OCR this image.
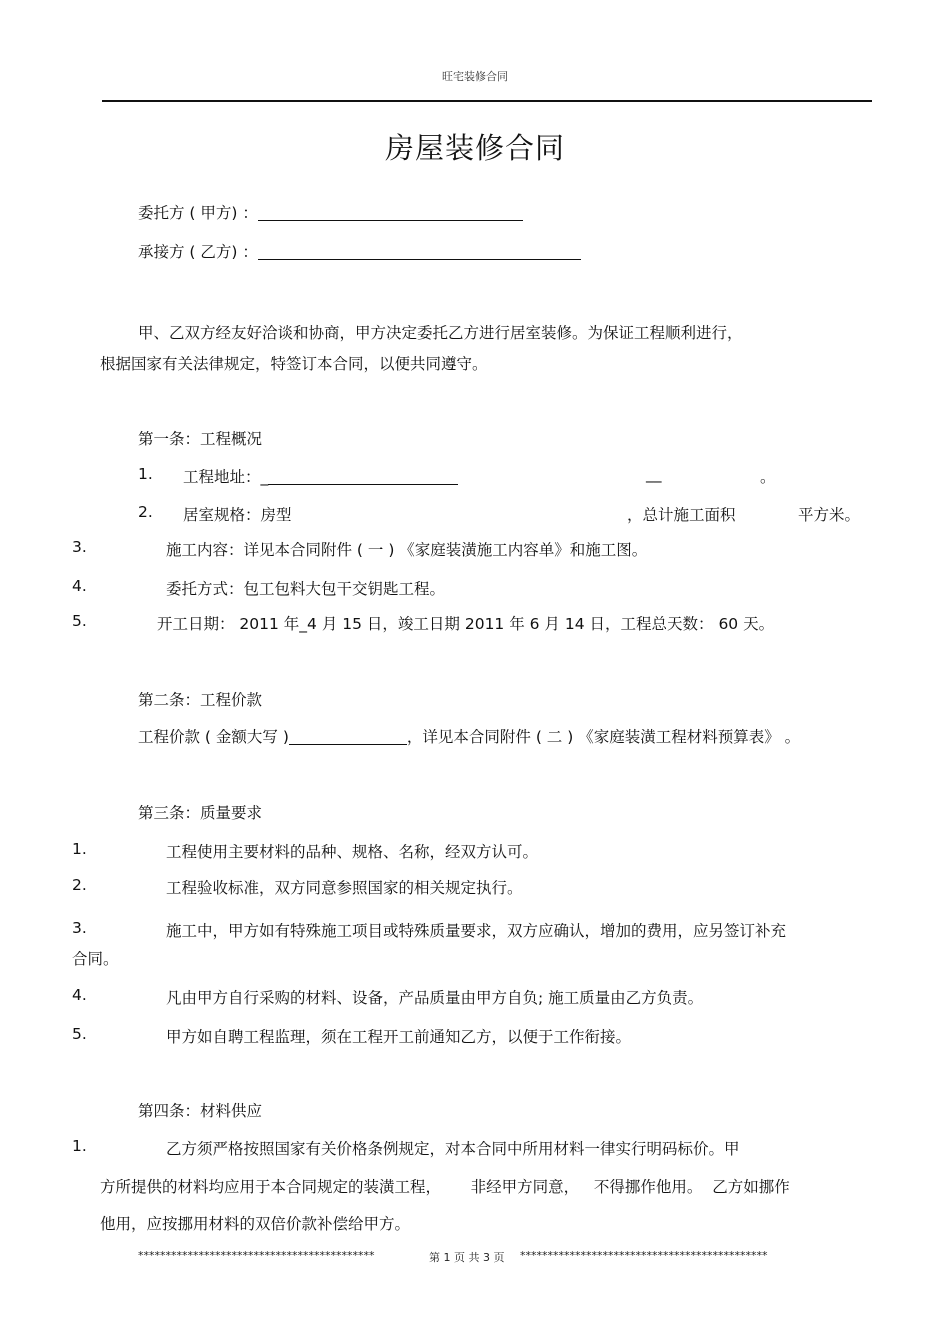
旺宅装修合同
房屋装修合同
委托方 ( 甲方) ：
承接方 ( 乙方) ：
甲、乙双方经友好洽谈和协商，甲方决定委托乙方进行居室装修。为保证工程顺利进行，
根据国家有关法律规定，特签订本合同，以便共同遵守。
第一条：工程概况
1. 工程地址：_	__	。
2. 居室规格：房型	，总计施工面积	平方米。
3.	施工内容：详见本合同附件 ( 一 ) 《家庭装潢施工内容单》和施工图。
4.	委托方式：包工包料大包干交钥匙工程。
5.	开工日期： 2011 年_4 月 15 日，竣工日期 2011 年 6 月 14 日，工程总天数： 60 天。
第二条：工程价款
工程价款 ( 金额大写 )	，详见本合同附件 ( 二 ) 《家庭装潢工程材料预算表》 。
第三条：质量要求
1.	工程使用主要材料的品种、规格、名称，经双方认可。
2.	工程验收标准，双方同意参照国家的相关规定执行。
3.	施工中，甲方如有特殊施工项目或特殊质量要求，双方应确认，增加的费用，应另签订补充
合同。
4.	凡由甲方自行采购的材料、设备，产品质量由甲方自负; 施工质量由乙方负责。
5.	甲方如自聘工程监理，须在工程开工前通知乙方，以便于工作衔接。
第四条：材料供应
1.	乙方须严格按照国家有关价格条例规定，对本合同中所用材料一律实行明码标价。甲
方所提供的材料均应用于本合同规定的装潢工程，      非经甲方同意，   不得挪作他用。  乙方如挪作
他用，应按挪用材料的双倍价款补偿给甲方。
*******************************************	第 1 页 共 3 页 *********************************************
